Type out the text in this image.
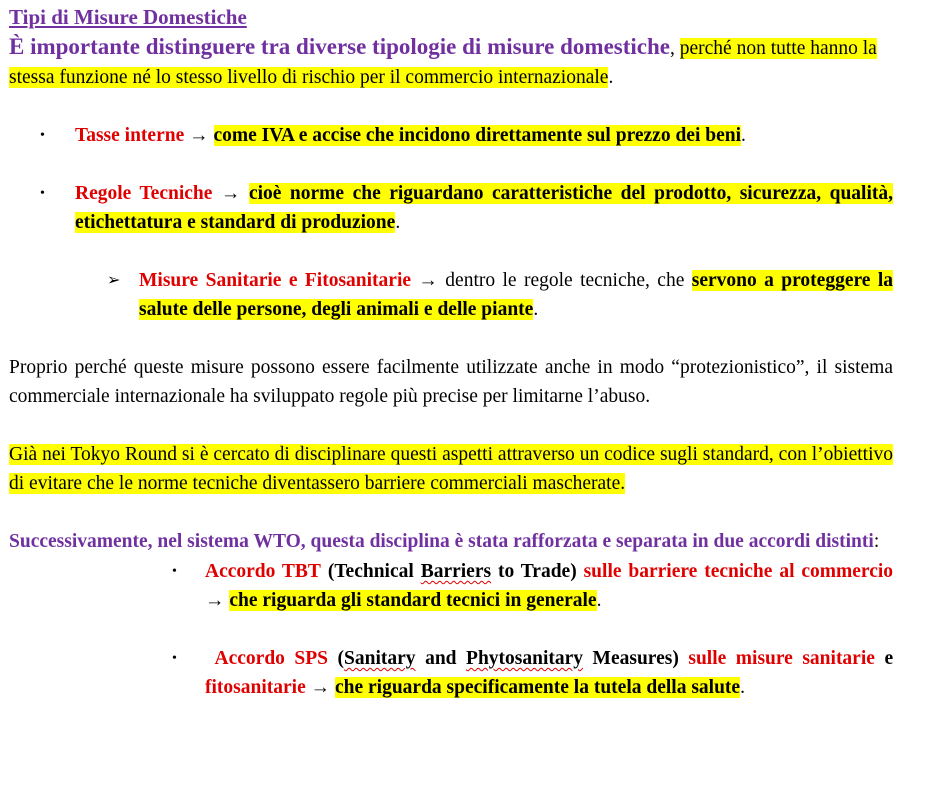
Tipi di Misure Domestiche

È importante distinguere tra diverse tipologie di misure domestiche, perché non tutte hanno la stessa funzione né lo stesso livello di rischio per il commercio internazionale.

• Tasse interne → come IVA e accise che incidono direttamente sul prezzo dei beni.
• Regole Tecniche → cioè norme che riguardano caratteristiche del prodotto, sicurezza, qualità, etichettatura e standard di produzione.
➢ Misure Sanitarie e Fitosanitarie → dentro le regole tecniche, che servono a proteggere la salute delle persone, degli animali e delle piante.

Proprio perché queste misure possono essere facilmente utilizzate anche in modo “protezionistico”, il sistema commerciale internazionale ha sviluppato regole più precise per limitarne l’abuso.

Già nei Tokyo Round si è cercato di disciplinare questi aspetti attraverso un codice sugli standard, con l’obiettivo di evitare che le norme tecniche diventassero barriere commerciali mascherate.

Successivamente, nel sistema WTO, questa disciplina è stata rafforzata e separata in due accordi distinti:

• Accordo TBT (Technical Barriers to Trade) sulle barriere tecniche al commercio → che riguarda gli standard tecnici in generale.
• Accordo SPS (Sanitary and Phytosanitary Measures) sulle misure sanitarie e fitosanitarie → che riguarda specificamente la tutela della salute.
